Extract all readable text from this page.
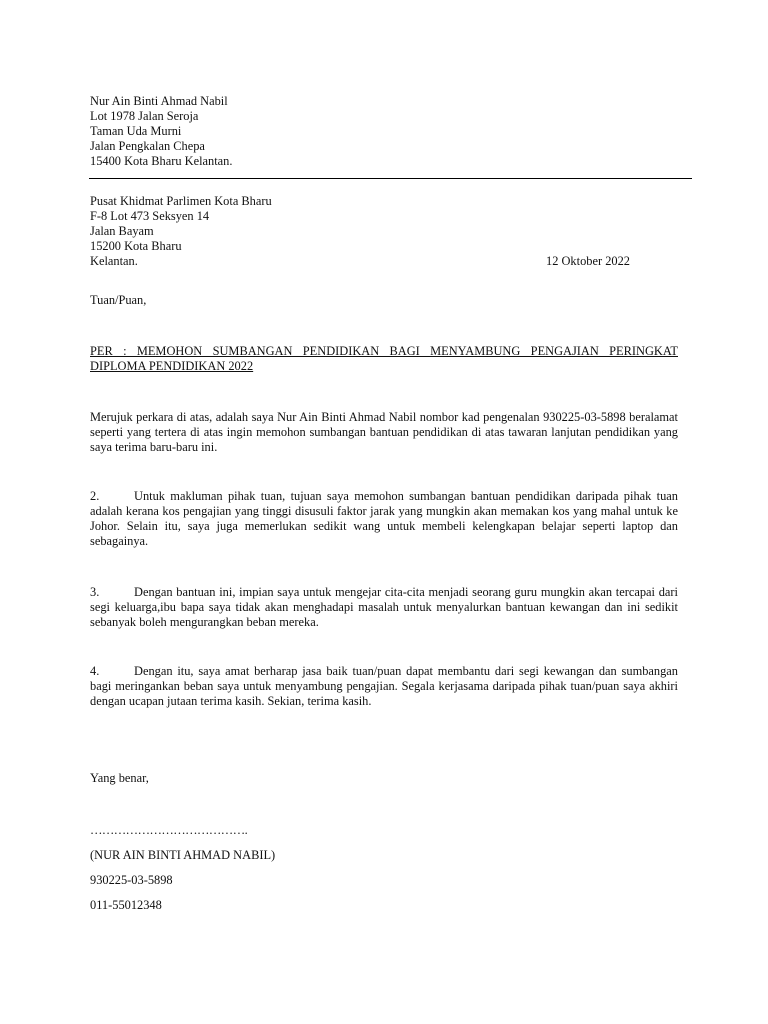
Nur Ain Binti Ahmad Nabil
Lot 1978 Jalan Seroja
Taman Uda Murni
Jalan Pengkalan Chepa
15400 Kota Bharu Kelantan.
Pusat Khidmat Parlimen Kota Bharu
F-8 Lot 473 Seksyen 14
Jalan Bayam
15200 Kota Bharu
Kelantan.	12 Oktober 2022
Tuan/Puan,
PER : MEMOHON SUMBANGAN PENDIDIKAN BAGI MENYAMBUNG PENGAJIAN PERINGKAT DIPLOMA PENDIDIKAN 2022
Merujuk perkara di atas, adalah saya Nur Ain Binti Ahmad Nabil nombor kad pengenalan 930225-03-5898 beralamat seperti yang tertera di atas ingin memohon sumbangan bantuan pendidikan di atas tawaran lanjutan pendidikan yang saya terima baru-baru ini.
2.	Untuk makluman pihak tuan, tujuan saya memohon sumbangan bantuan pendidikan daripada pihak tuan adalah kerana kos pengajian yang tinggi disusuli faktor jarak yang mungkin akan memakan kos yang mahal untuk ke Johor. Selain itu, saya juga memerlukan sedikit wang untuk membeli kelengkapan belajar seperti laptop dan sebagainya.
3.	Dengan bantuan ini, impian saya untuk mengejar cita-cita menjadi seorang guru mungkin akan tercapai dari segi keluarga,ibu bapa saya tidak akan menghadapi masalah untuk menyalurkan bantuan kewangan dan ini sedikit sebanyak boleh mengurangkan beban mereka.
4.	Dengan itu, saya amat berharap jasa baik tuan/puan dapat membantu dari segi kewangan dan sumbangan bagi meringankan beban saya untuk menyambung pengajian. Segala kerjasama daripada pihak tuan/puan saya akhiri dengan ucapan jutaan terima kasih. Sekian, terima kasih.
Yang benar,
………………………………….
(NUR AIN BINTI AHMAD NABIL)
930225-03-5898
011-55012348
